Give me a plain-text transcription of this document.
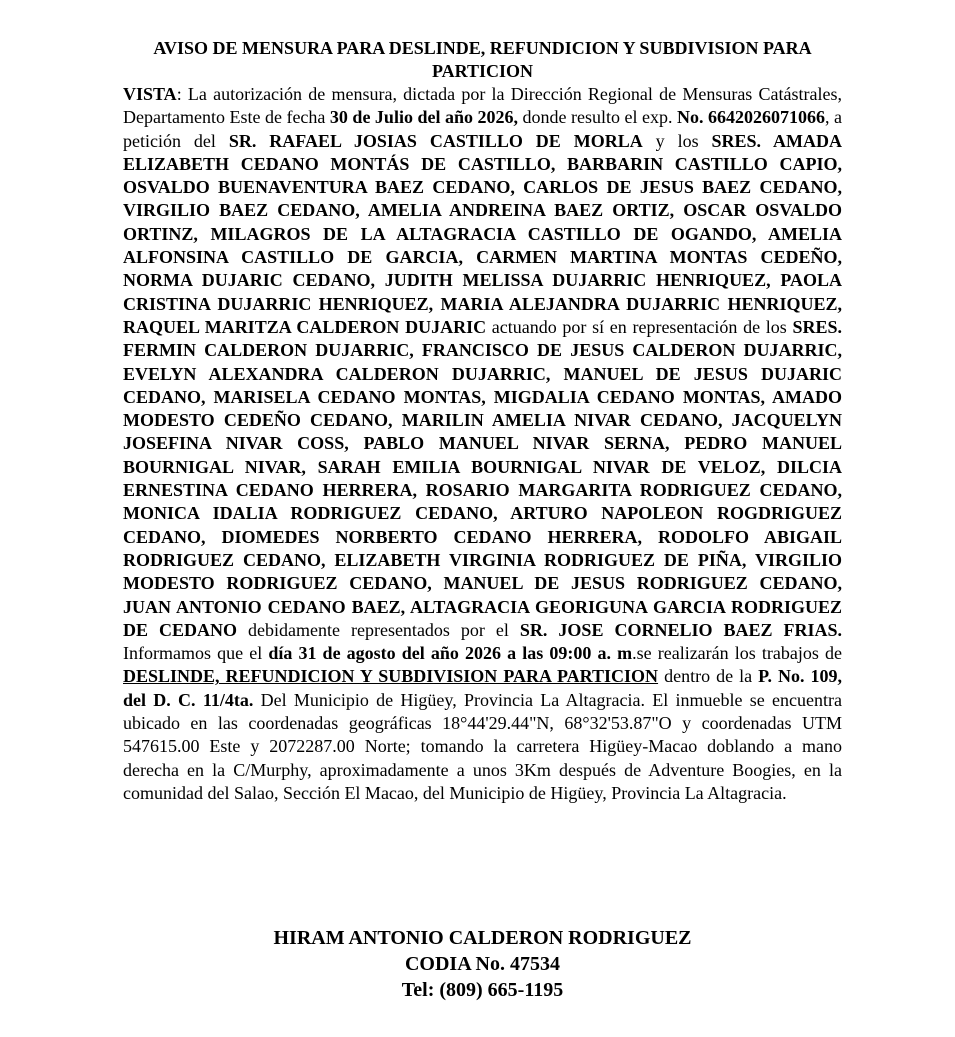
AVISO DE MENSURA PARA DESLINDE, REFUNDICION Y SUBDIVISION PARA PARTICION

VISTA: La autorización de mensura, dictada por la Dirección Regional de Mensuras Catástrales, Departamento Este de fecha 30 de Julio del año 2026, donde resulto el exp. No. 6642026071066, a petición del SR. RAFAEL JOSIAS CASTILLO DE MORLA y los SRES. AMADA ELIZABETH CEDANO MONTÁS DE CASTILLO, BARBARIN CASTILLO CAPIO, OSVALDO BUENAVENTURA BAEZ CEDANO, CARLOS DE JESUS BAEZ CEDANO, VIRGILIO BAEZ CEDANO, AMELIA ANDREINA BAEZ ORTIZ, OSCAR OSVALDO ORTINZ, MILAGROS DE LA ALTAGRACIA CASTILLO DE OGANDO, AMELIA ALFONSINA CASTILLO DE GARCIA, CARMEN MARTINA MONTAS CEDEÑO, NORMA DUJARIC CEDANO, JUDITH MELISSA DUJARRIC HENRIQUEZ, PAOLA CRISTINA DUJARRIC HENRIQUEZ, MARIA ALEJANDRA DUJARRIC HENRIQUEZ, RAQUEL MARITZA CALDERON DUJARIC actuando por sí en representación de los SRES. FERMIN CALDERON DUJARRIC, FRANCISCO DE JESUS CALDERON DUJARRIC, EVELYN ALEXANDRA CALDERON DUJARRIC, MANUEL DE JESUS DUJARIC CEDANO, MARISELA CEDANO MONTAS, MIGDALIA CEDANO MONTAS, AMADO MODESTO CEDEÑO CEDANO, MARILIN AMELIA NIVAR CEDANO, JACQUELYN JOSEFINA NIVAR COSS, PABLO MANUEL NIVAR SERNA, PEDRO MANUEL BOURNIGAL NIVAR, SARAH EMILIA BOURNIGAL NIVAR DE VELOZ, DILCIA ERNESTINA CEDANO HERRERA, ROSARIO MARGARITA RODRIGUEZ CEDANO, MONICA IDALIA RODRIGUEZ CEDANO, ARTURO NAPOLEON ROGDRIGUEZ CEDANO, DIOMEDES NORBERTO CEDANO HERRERA, RODOLFO ABIGAIL RODRIGUEZ CEDANO, ELIZABETH VIRGINIA RODRIGUEZ DE PIÑA, VIRGILIO MODESTO RODRIGUEZ CEDANO, MANUEL DE JESUS RODRIGUEZ CEDANO, JUAN ANTONIO CEDANO BAEZ, ALTAGRACIA GEORIGUNA GARCIA RODRIGUEZ DE CEDANO debidamente representados por el SR. JOSE CORNELIO BAEZ FRIAS. Informamos que el día 31 de agosto del año 2026 a las 09:00 a. m.se realizarán los trabajos de DESLINDE, REFUNDICION Y SUBDIVISION PARA PARTICION dentro de la P. No. 109, del D. C. 11/4ta. Del Municipio de Higüey, Provincia La Altagracia. El inmueble se encuentra ubicado en las coordenadas geográficas 18°44'29.44"N, 68°32'53.87"O y coordenadas UTM 547615.00 Este y 2072287.00 Norte; tomando la carretera Higüey-Macao doblando a mano derecha en la C/Murphy, aproximadamente a unos 3Km después de Adventure Boogies, en la comunidad del Salao, Sección El Macao, del Municipio de Higüey, Provincia La Altagracia.

HIRAM ANTONIO CALDERON RODRIGUEZ
CODIA No. 47534
Tel: (809) 665-1195
